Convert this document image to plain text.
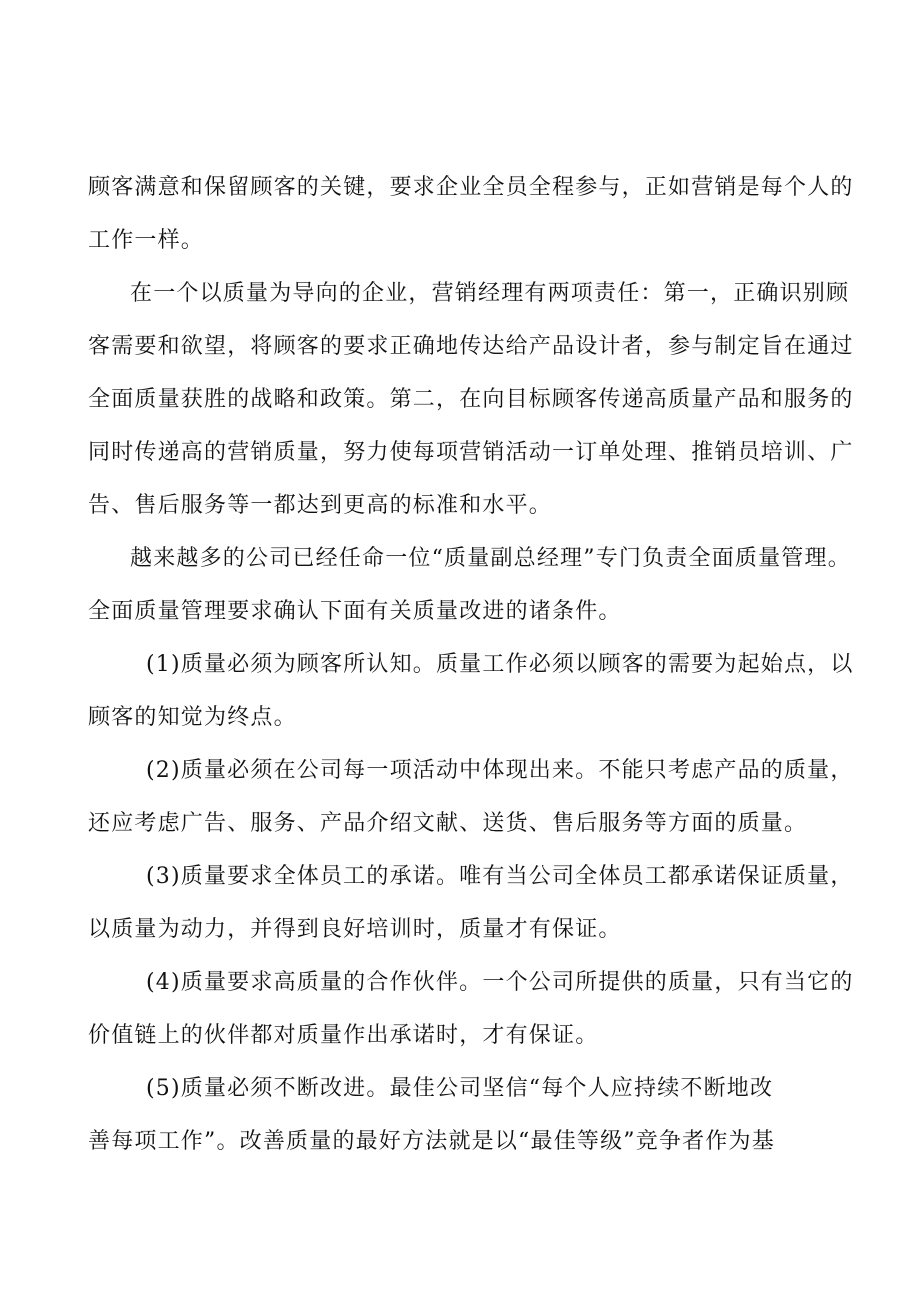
顾客满意和保留顾客的关键，要求企业全员全程参与，正如营销是每个人的
工作一样。
在一个以质量为导向的企业，营销经理有两项责任：第一，正确识别顾
客需要和欲望，将顾客的要求正确地传达给产品设计者，参与制定旨在通过
全面质量获胜的战略和政策。第二，在向目标顾客传递高质量产品和服务的
同时传递高的营销质量，努力使每项营销活动一订单处理、推销员培训、广
告、售后服务等一都达到更高的标准和水平。
越来越多的公司已经任命一位“质量副总经理”专门负责全面质量管理。
全面质量管理要求确认下面有关质量改进的诸条件。
(1)质量必须为顾客所认知。质量工作必须以顾客的需要为起始点，以
顾客的知觉为终点。
(2)质量必须在公司每一项活动中体现出来。不能只考虑产品的质量，
还应考虑广告、服务、产品介绍文献、送货、售后服务等方面的质量。
(3)质量要求全体员工的承诺。唯有当公司全体员工都承诺保证质量，
以质量为动力，并得到良好培训时，质量才有保证。
(4)质量要求高质量的合作伙伴。一个公司所提供的质量，只有当它的
价值链上的伙伴都对质量作出承诺时，才有保证。
(5)质量必须不断改进。最佳公司坚信“每个人应持续不断地改
善每项工作”。改善质量的最好方法就是以“最佳等级”竞争者作为基
